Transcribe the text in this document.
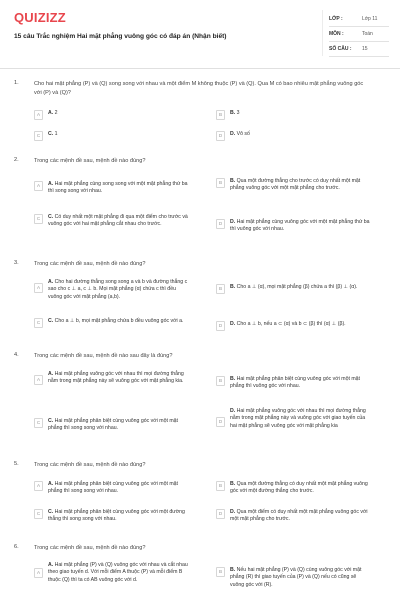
QUIZIZZ
15 câu Trắc nghiệm Hai mặt phẳng vuông góc có đáp án (Nhận biết)
LỚP :	Lớp 11
MÔN :	Toán
SỐ CÂU : 15
1.	Cho hai mặt phẳng (P) và (Q) song song với nhau và một điểm M không thuộc (P) và (Q). Qua M có bao nhiêu mặt phẳng vuông góc với (P) và (Q)?
A	A. 2	B	B. 3
C	C. 1	D	D. Vô số
2.	Trong các mệnh đề sau, mệnh đề nào đúng?
A	A. Hai mặt phẳng cùng song song với một mặt phẳng thứ ba thì song song với nhau.
B	B. Qua một đường thẳng cho trước có duy nhất một mặt phẳng vuông góc với một mặt phẳng cho trước.
C	C. Có duy nhất một mặt phẳng đi qua một điểm cho trước và vuông góc với hai mặt phẳng cắt nhau cho trước.	D	D. Hai mặt phẳng cùng vuông góc với một mặt phẳng thứ ba thì vuông góc với nhau.
3.	Trong các mệnh đề sau, mệnh đề nào đúng?
A
A. Cho hai đường thẳng song song a và b và đường thẳng c sao cho c ⊥ a, c ⊥ b. Mọi mặt phẳng (α) chứa c thì đều vuông góc với mặt phẳng (a,b).
B	B. Cho a ⊥ (α), mọi mặt phẳng (β) chứa a thì (β) ⊥ (α).
C	C. Cho a ⊥ b, mọi mặt phẳng chứa b đều vuông góc với a.
D	D. Cho a ⊥ b, nếu a ⊂ (α) và b ⊂ (β) thì (α) ⊥ (β).
4.	Trong các mệnh đề sau, mệnh đề nào sau đây là đúng?
A
A. Hai mặt phẳng vuông góc với nhau thì mọi đường thẳng nằm trong mặt phẳng này sẽ vuông góc với mặt phẳng kia.	B	B. Hai mặt phẳng phân biệt cùng vuông góc với một mặt phẳng thì vuông góc với nhau.
C	C. Hai mặt phẳng phân biệt cùng vuông góc với một mặt phẳng thì song song với nhau.
D
D. Hai mặt phẳng vuông góc với nhau thì mọi đường thẳng nằm trong mặt phẳng này và vuông góc với giao tuyến của hai mặt phẳng sẽ vuông góc với mặt phẳng kia
5.	Trong các mệnh đề sau, mệnh đề nào đúng?
A	A. Hai mặt phẳng phân biệt cùng vuông góc với một mặt phẳng thì song song với nhau.
B	B. Qua một đường thẳng có duy nhất một mặt phẳng vuông góc với một đường thẳng cho trước.
C	C. Hai mặt phẳng phân biệt cùng vuông góc với một đường thẳng thì song song với nhau.
D	D. Qua một điểm có duy nhất một mặt phẳng vuông góc với một mặt phẳng cho trước.
6.	Trong các mệnh đề sau, mệnh đề nào đúng?
A
A. Hai mặt phẳng (P) và (Q) vuông góc với nhau và cắt nhau theo giao tuyến d. Với mỗi điểm A thuộc (P) và mỗi điểm B thuộc (Q) thì ta có AB vuông góc với d.
B	B. Nếu hai mặt phẳng (P) và (Q) cùng vuông góc với mặt phẳng (R) thì giao tuyến của (P) và (Q) nếu có cũng sẽ vuông góc với (R).
